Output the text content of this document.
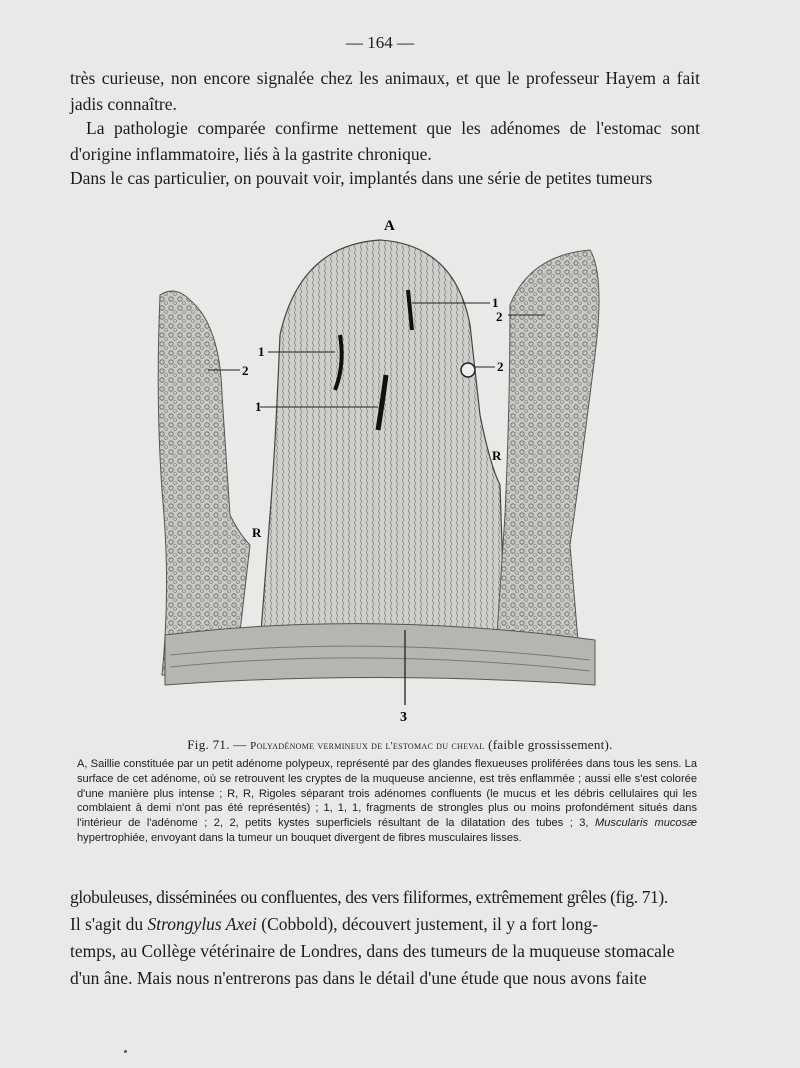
— 164 —

très curieuse, non encore signalée chez les animaux, et que le professeur Hayem a fait jadis connaître.

La pathologie comparée confirme nettement que les adénomes de l'estomac sont d'origine inflammatoire, liés à la gastrite chronique.

Dans le cas particulier, on pouvait voir, implantés dans une série de petites tumeurs

A
1
1
1
2	2
2
R
R
3
Fig. 71. — Polyadénome vermineux de l'estomac du cheval (faible grossissement).

A, Saillie constituée par un petit adénome polypeux, représenté par des glandes flexueuses proliférées dans tous les sens. La surface de cet adénome, où se retrouvent les cryptes de la muqueuse ancienne, est très enflammée ; aussi elle s'est colorée d'une manière plus intense ; R, R, Rigoles séparant trois adénomes confluents (le mucus et les débris cellulaires qui les comblaient à demi n'ont pas été représentés) ; 1, 1, 1, fragments de strongles plus ou moins profondément situés dans l'intérieur de l'adénome ; 2, 2, petits kystes superficiels résultant de la dilatation des tubes ; 3, Muscularis mucosæ hypertrophiée, envoyant dans la tumeur un bouquet divergent de fibres musculaires lisses.

globuleuses, disséminées ou confluentes, des vers filiformes, extrêmement grêles (fig. 71).

Il s'agit du Strongylus Axei (Cobbold), découvert justement, il y a fort long-

temps, au Collège vétérinaire de Londres, dans des tumeurs de la muqueuse stomacale

d'un âne. Mais nous n'entrerons pas dans le détail d'une étude que nous avons faite
